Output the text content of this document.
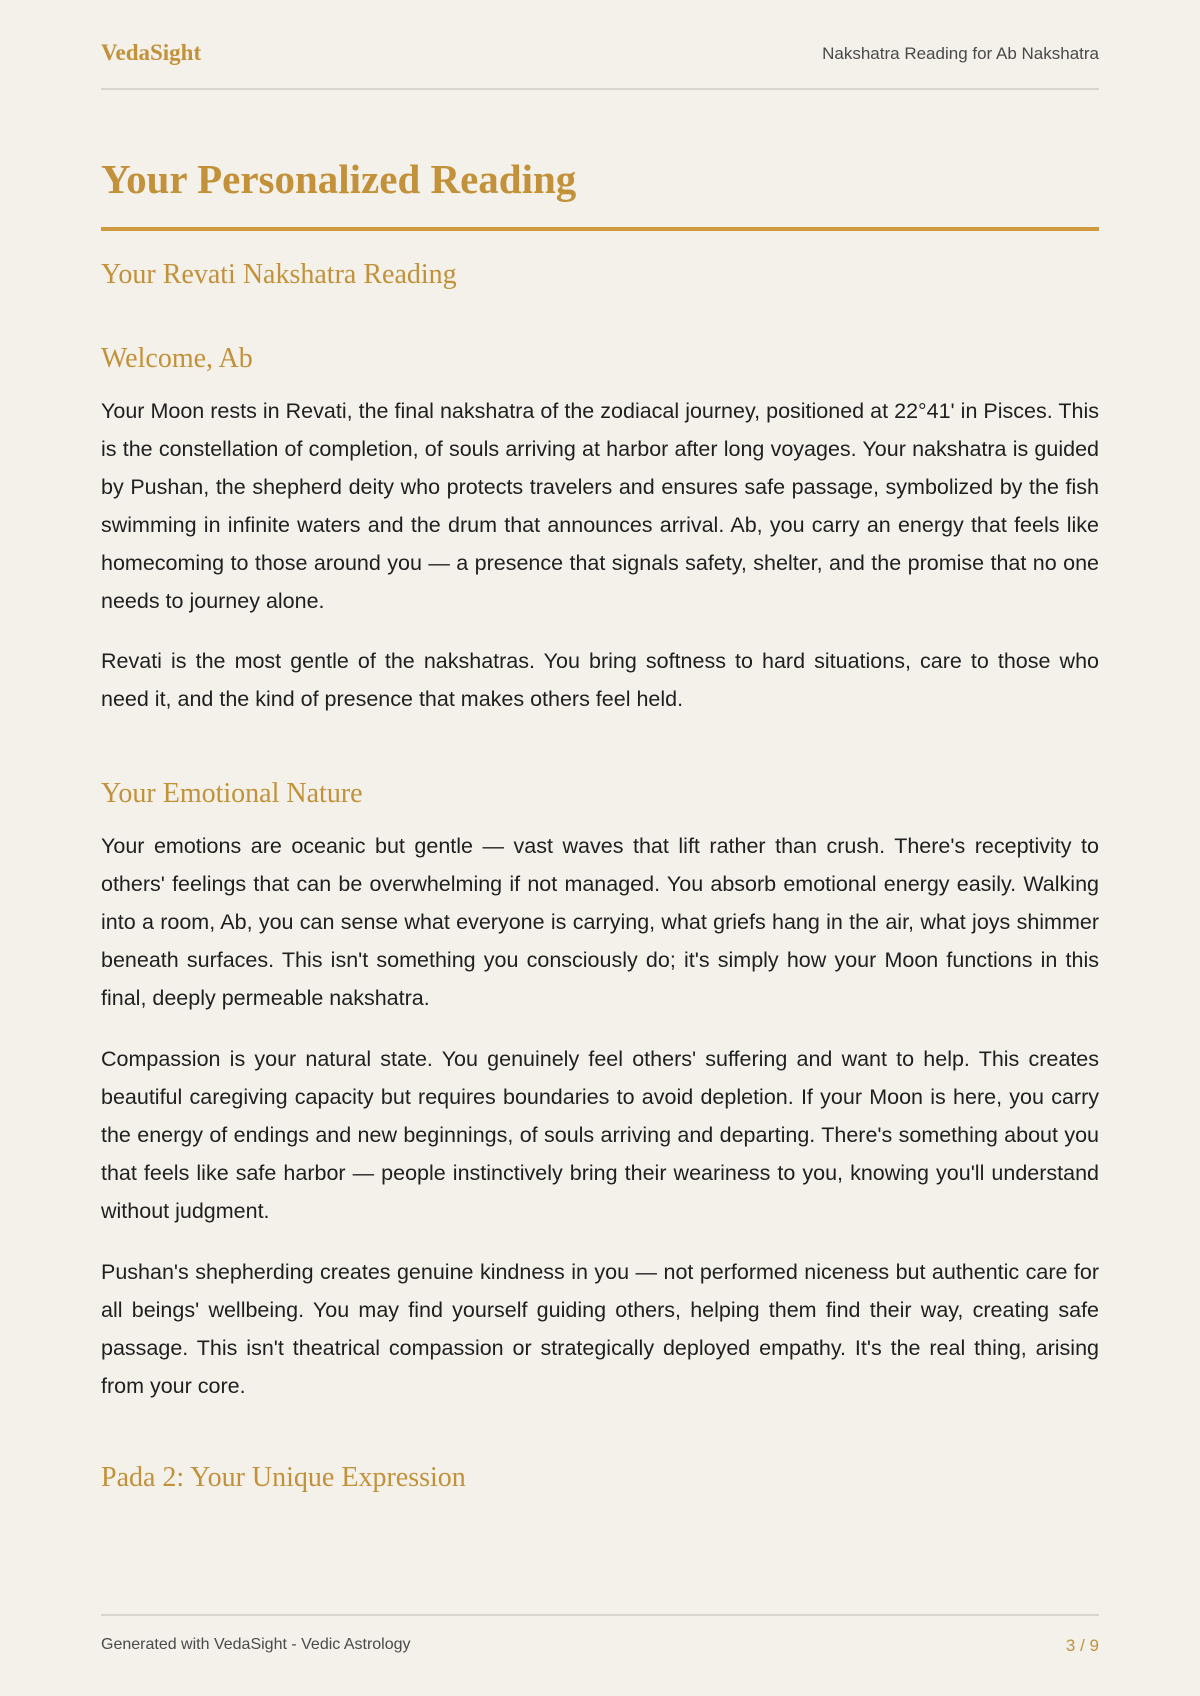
VedaSight	Nakshatra Reading for Ab Nakshatra
Your Personalized Reading
Your Revati Nakshatra Reading
Welcome, Ab

Your Moon rests in Revati, the final nakshatra of the zodiacal journey, positioned at 22°41' in Pisces. This is the constellation of completion, of souls arriving at harbor after long voyages. Your nakshatra is guided by Pushan, the shepherd deity who protects travelers and ensures safe passage, symbolized by the fish swimming in infinite waters and the drum that announces arrival. Ab, you carry an energy that feels like homecoming to those around you — a presence that signals safety, shelter, and the promise that no one needs to journey alone.

Revati is the most gentle of the nakshatras. You bring softness to hard situations, care to those who need it, and the kind of presence that makes others feel held.

Your Emotional Nature

Your emotions are oceanic but gentle — vast waves that lift rather than crush. There's receptivity to others' feelings that can be overwhelming if not managed. You absorb emotional energy easily. Walking into a room, Ab, you can sense what everyone is carrying, what griefs hang in the air, what joys shimmer beneath surfaces. This isn't something you consciously do; it's simply how your Moon functions in this final, deeply permeable nakshatra.

Compassion is your natural state. You genuinely feel others' suffering and want to help. This creates beautiful caregiving capacity but requires boundaries to avoid depletion. If your Moon is here, you carry the energy of endings and new beginnings, of souls arriving and departing. There's something about you that feels like safe harbor — people instinctively bring their weariness to you, knowing you'll understand without judgment.

Pushan's shepherding creates genuine kindness in you — not performed niceness but authentic care for all beings' wellbeing. You may find yourself guiding others, helping them find their way, creating safe passage. This isn't theatrical compassion or strategically deployed empathy. It's the real thing, arising from your core.

Pada 2: Your Unique Expression
Generated with VedaSight - Vedic Astrology	3 / 9
